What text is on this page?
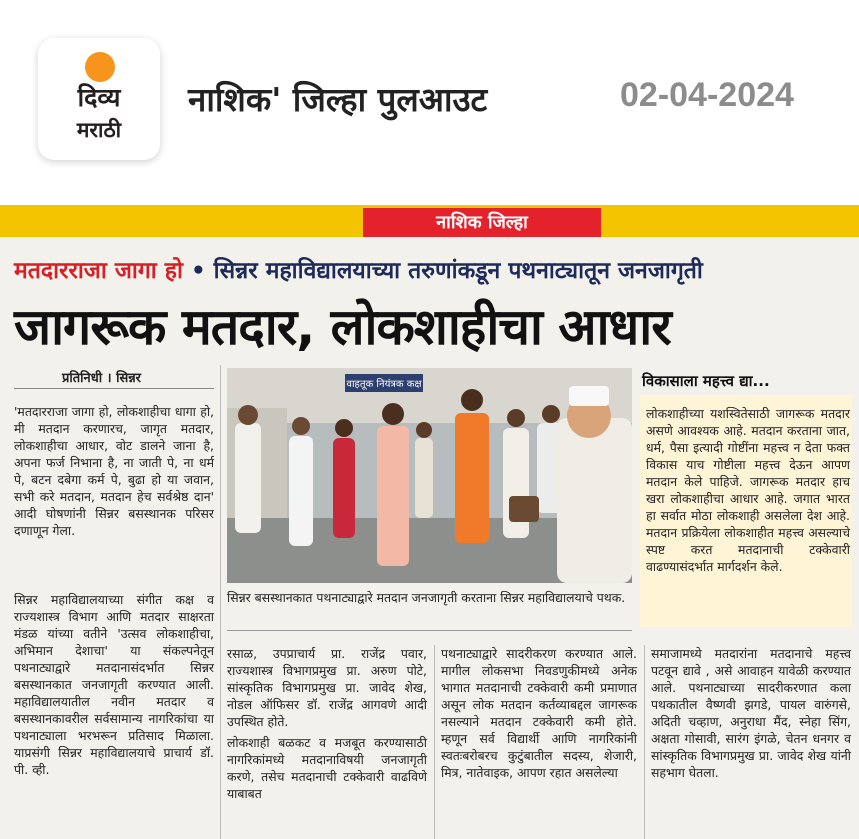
दिव्य
मराठी
नाशिक' जिल्हा पुलआउट	02-04-2024
नाशिक जिल्हा
मतदारराजा जागा हो • सिन्नर महाविद्यालयाच्या तरुणांकडून पथनाट्यातून जनजागृती
जागरूक मतदार, लोकशाहीचा आधार
प्रतिनिधी । सिन्नर

'मतदारराजा जागा हो, लोकशाहीचा धागा हो, मी मतदान करणारच, जागृत मतदार, लोकशाहीचा आधार, वोट डालने जाना है, अपना फर्ज निभाना है, ना जाती पे, ना धर्म पे, बटन दबेगा कर्म पे, बुढा हो या जवान, सभी करे मतदान, मतदान हेच सर्वश्रेष्ठ दान' आदी घोषणांनी सिन्नर बसस्थानक परिसर दणाणून गेला.

सिन्नर महाविद्यालयाच्या संगीत कक्ष व राज्यशास्त्र विभाग आणि मतदार साक्षरता मंडळ यांच्या वतीने 'उत्सव लोकशाहीचा, अभिमान देशाचा' या संकल्पनेतून पथनाट्याद्वारे मतदानासंदर्भात सिन्नर बसस्थानकात जनजागृती करण्यात आली. महाविद्यालयातील नवीन मतदार व बसस्थानकावरील सर्वसामान्य नागरिकांचा या पथनाट्याला भरभरून प्रतिसाद मिळाला. याप्रसंगी सिन्नर महाविद्यालयाचे प्राचार्य डॉ. पी. व्ही.

वाहतूक नियंत्रक कक्ष
सिन्नर बसस्थानकात पथनाट्याद्वारे मतदान जनजागृती करताना सिन्नर महाविद्यालयाचे पथक.
विकासाला महत्त्व द्या...
लोकशाहीच्या यशस्वितेसाठी जागरूक मतदार असणे आवश्यक आहे. मतदान करताना जात, धर्म, पैसा इत्यादी गोष्टींना महत्त्व न देता फक्त विकास याच गोष्टीला महत्त्व देऊन आपण मतदान केले पाहिजे. जागरूक मतदार हाच खरा लोकशाहीचा आधार आहे. जगात भारत हा सर्वात मोठा लोकशाही असलेला देश आहे. मतदान प्रक्रियेला लोकशाहीत महत्त्व असल्याचे स्पष्ट करत मतदानाची टक्केवारी वाढण्यासंदर्भात मार्गदर्शन केले.

रसाळ, उपप्राचार्य प्रा. राजेंद्र पवार, राज्यशास्त्र विभागप्रमुख प्रा. अरुण पोटे, सांस्कृतिक विभागप्रमुख प्रा. जावेद शेख, नोडल ऑफिसर डॉ. राजेंद्र आगवणे आदी उपस्थित होते.

लोकशाही बळकट व मजबूत करण्यासाठी नागरिकांमध्ये मतदानाविषयी जनजागृती करणे, तसेच मतदानाची टक्केवारी वाढविणे याबाबत

पथनाट्याद्वारे सादरीकरण करण्यात आले. मागील लोकसभा निवडणुकीमध्ये अनेक भागात मतदानाची टक्केवारी कमी प्रमाणात असून लोक मतदान कर्तव्याबद्दल जागरूक नसल्याने मतदान टक्केवारी कमी होते. म्हणून सर्व विद्यार्थी आणि नागरिकांनी स्वतःबरोबरच कुटुंबातील सदस्य, शेजारी, मित्र, नातेवाइक, आपण रहात असलेल्या

समाजामध्ये मतदारांना मतदानाचे महत्त्व पटवून द्यावे , असे आवाहन यावेळी करण्यात आले. पथनाट्याच्या सादरीकरणात कला पथकातील वैष्णवी झगडे, पायल वारुंगसे, अदिती चव्हाण, अनुराधा मैंद, स्नेहा सिंग, अक्षता गोसावी, सारंग इंगळे, चेतन धनगर व सांस्कृतिक विभागप्रमुख प्रा. जावेद शेख यांनी सहभाग घेतला.
